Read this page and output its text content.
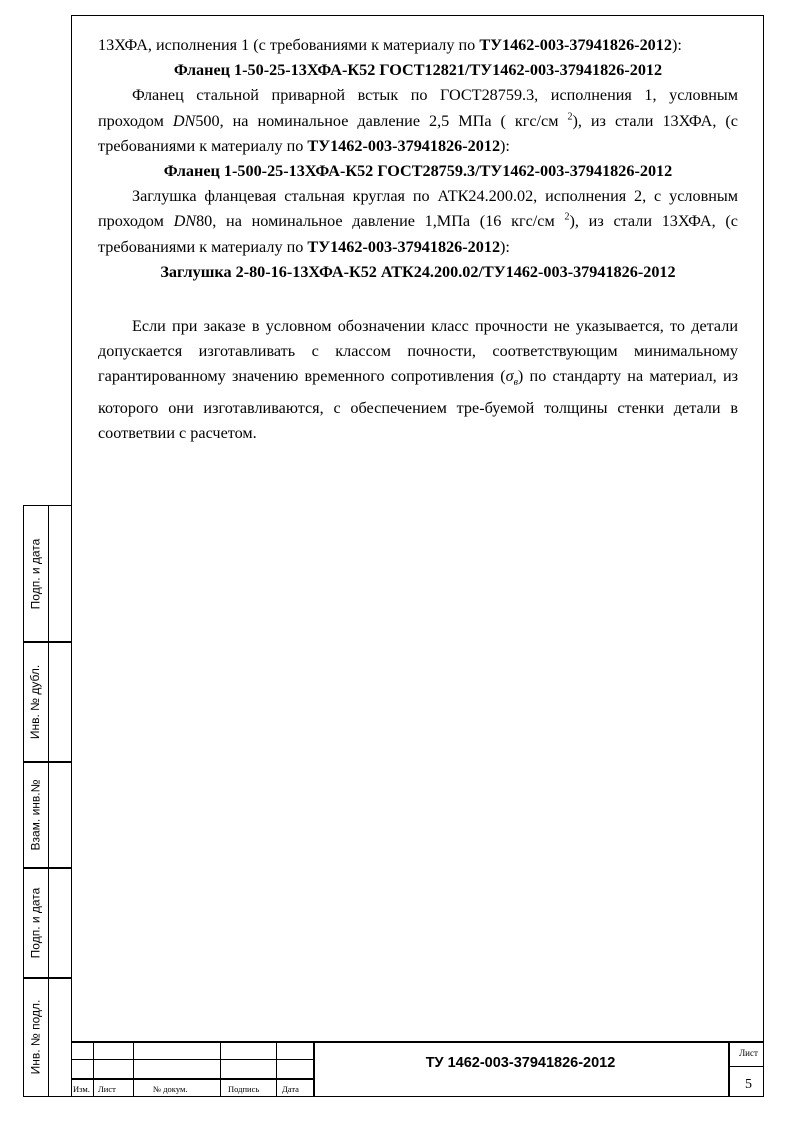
13ХФА, исполнения 1 (с требованиями к материалу по ТУ1462-003-37941826-2012):

Фланец 1-50-25-13ХФА-К52 ГОСТ12821/ТУ1462-003-37941826-2012

Фланец стальной приварной встык по ГОСТ28759.3, исполнения 1, условным проходом DN500, на номинальное давление 2,5 МПа ( кгс/см $^2$), из стали 13ХФА, (с требованиями к материалу по ТУ1462-003-37941826-2012):

Фланец 1-500-25-13ХФА-К52 ГОСТ28759.3/ТУ1462-003-37941826-2012

Заглушка фланцевая стальная круглая по АТК24.200.02, исполнения 2, с условным проходом DN80, на номинальное давление 1,МПа (16 кгс/см $^2$), из стали 13ХФА, (с требованиями к материалу по ТУ1462-003-37941826-2012):

Заглушка 2-80-16-13ХФА-К52 АТК24.200.02/ТУ1462-003-37941826-2012

Если при заказе в условном обозначении класс прочности не указывается, то детали допускается изготавливать с классом почности, соответствующим минимальному гарантированному значению временного сопротивления $(\sigma_в)$ по стандарту на материал, из которого они изготавливаются, с обеспечением тре-буемой толщины стенки детали в соответвии с расчетом.

Подп. и дата
Инв. № дубл.
Взам. инв.№
Подп. и дата
Инв. № подл.
Изм. Лист	№ докум.	Подпись	Дата
ТУ 1462-003-37941826-2012
Лист
5
